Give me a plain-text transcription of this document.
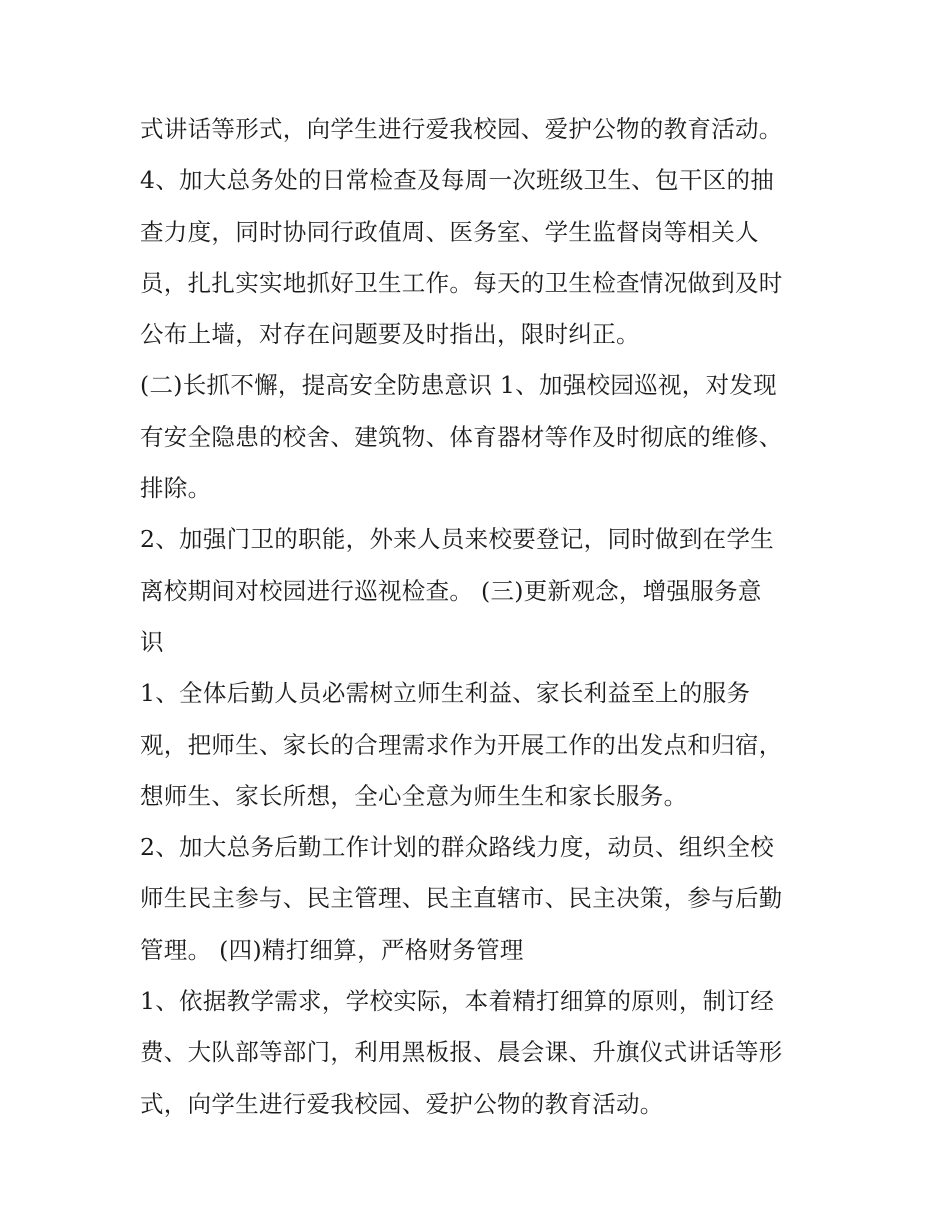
式讲话等形式，向学生进行爱我校园、爱护公物的教育活动。
4、加大总务处的日常检查及每周一次班级卫生、包干区的抽
查力度，同时协同行政值周、医务室、学生监督岗等相关人
员，扎扎实实地抓好卫生工作。每天的卫生检查情况做到及时
公布上墙，对存在问题要及时指出，限时纠正。
(二)长抓不懈，提高安全防患意识 1、加强校园巡视，对发现
有安全隐患的校舍、建筑物、体育器材等作及时彻底的维修、
排除。
2、加强门卫的职能，外来人员来校要登记，同时做到在学生
离校期间对校园进行巡视检查。 (三)更新观念，增强服务意
识
1、全体后勤人员必需树立师生利益、家长利益至上的服务
观，把师生、家长的合理需求作为开展工作的出发点和归宿，
想师生、家长所想，全心全意为师生生和家长服务。
2、加大总务后勤工作计划的群众路线力度，动员、组织全校
师生民主参与、民主管理、民主直辖市、民主决策，参与后勤
管理。 (四)精打细算，严格财务管理
1、依据教学需求，学校实际，本着精打细算的原则，制订经
费、大队部等部门，利用黑板报、晨会课、升旗仪式讲话等形
式，向学生进行爱我校园、爱护公物的教育活动。
